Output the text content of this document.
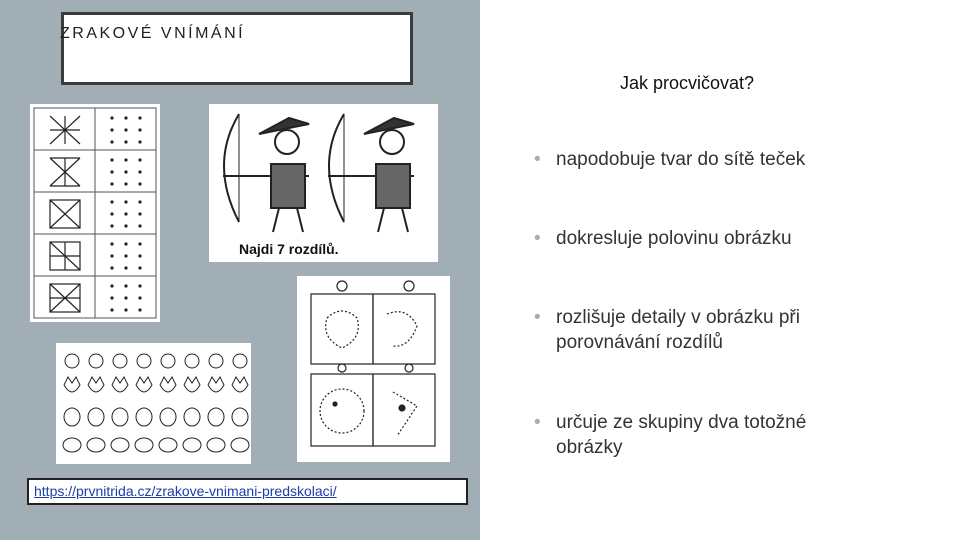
ZRAKOVÉ VNÍMÁNÍ
Najdi 7 rozdílů.
https://prvnitrida.cz/zrakove-vnimani-predskolaci/
Jak procvičovat?
• napodobuje tvar do sítě teček
• dokresluje polovinu obrázku
• rozlišuje detaily v obrázku při porovnávání rozdílů
• určuje ze skupiny dva totožné obrázky
